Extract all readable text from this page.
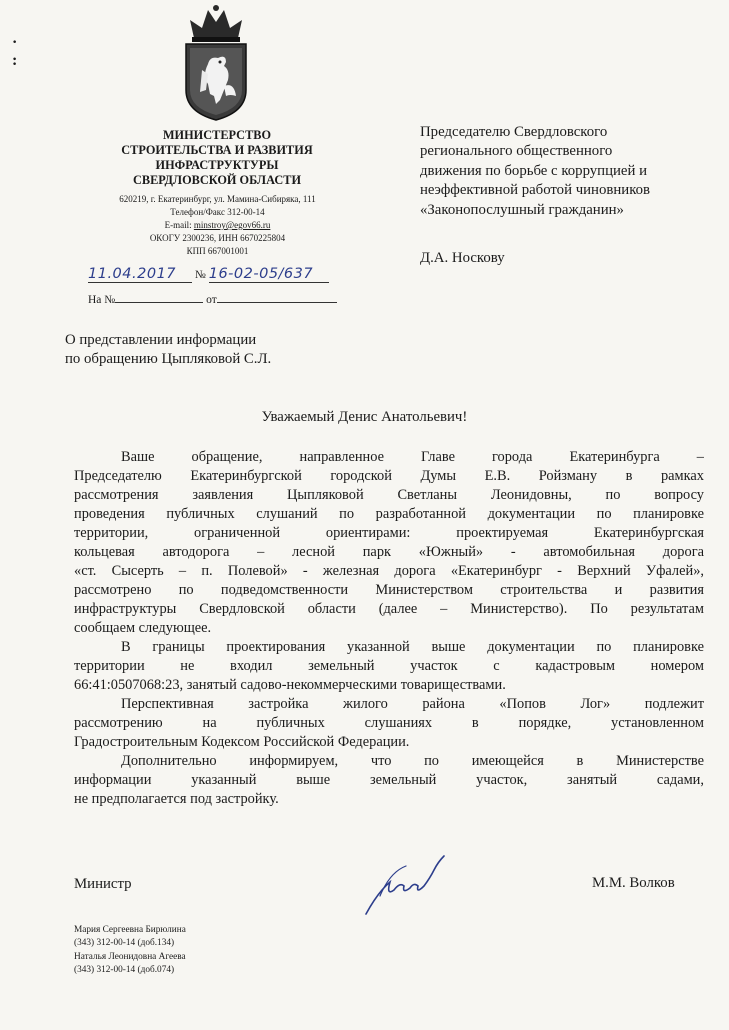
·
:
МИНИСТЕРСТВО
СТРОИТЕЛЬСТВА И РАЗВИТИЯ
ИНФРАСТРУКТУРЫ
СВЕРДЛОВСКОЙ ОБЛАСТИ
620219, г. Екатеринбург, ул. Мамина-Сибиряка, 111
Телефон/Факс 312-00-14
E-mail: minstroy@egov66.ru
ОКОГУ 2300236, ИНН 6670225804
КПП 667001001
11.04.2017 № 16-02-05/637
На №	от
Председателю Свердловского
регионального общественного
движения по борьбе с коррупцией и
неэффективной работой чиновников
«Законопослушный гражданин»
Д.А. Носкову
О представлении информации
по обращению Цыпляковой С.Л.
Уважаемый Денис Анатольевич!
Ваше обращение, направленное Главе города Екатеринбурга –
Председателю Екатеринбургской городской Думы Е.В. Ройзману в рамках
рассмотрения заявления Цыпляковой Светланы Леонидовны, по вопросу
проведения публичных слушаний по разработанной документации по планировке
территории, ограниченной ориентирами: проектируемая Екатеринбургская
кольцевая автодорога – лесной парк «Южный» - автомобильная дорога
«ст. Сысерть – п. Полевой» - железная дорога «Екатеринбург - Верхний Уфалей»,
рассмотрено по подведомственности Министерством строительства и развития
инфраструктуры Свердловской области (далее – Министерство). По результатам
сообщаем следующее.
В границы проектирования указанной выше документации по планировке
территории не входил земельный участок с кадастровым номером
66:41:0507068:23, занятый садово-некоммерческими товариществами.
Перспективная застройка жилого района «Попов Лог» подлежит
рассмотрению на публичных слушаниях в порядке, установленном
Градостроительным Кодексом Российской Федерации.
Дополнительно информируем, что по имеющейся в Министерстве
информации указанный выше земельный участок, занятый садами,
не предполагается под застройку.
Министр	М.М. Волков
Мария Сергеевна Бирюлина
(343) 312-00-14 (доб.134)
Наталья Леонидовна Агеева
(343) 312-00-14 (доб.074)
